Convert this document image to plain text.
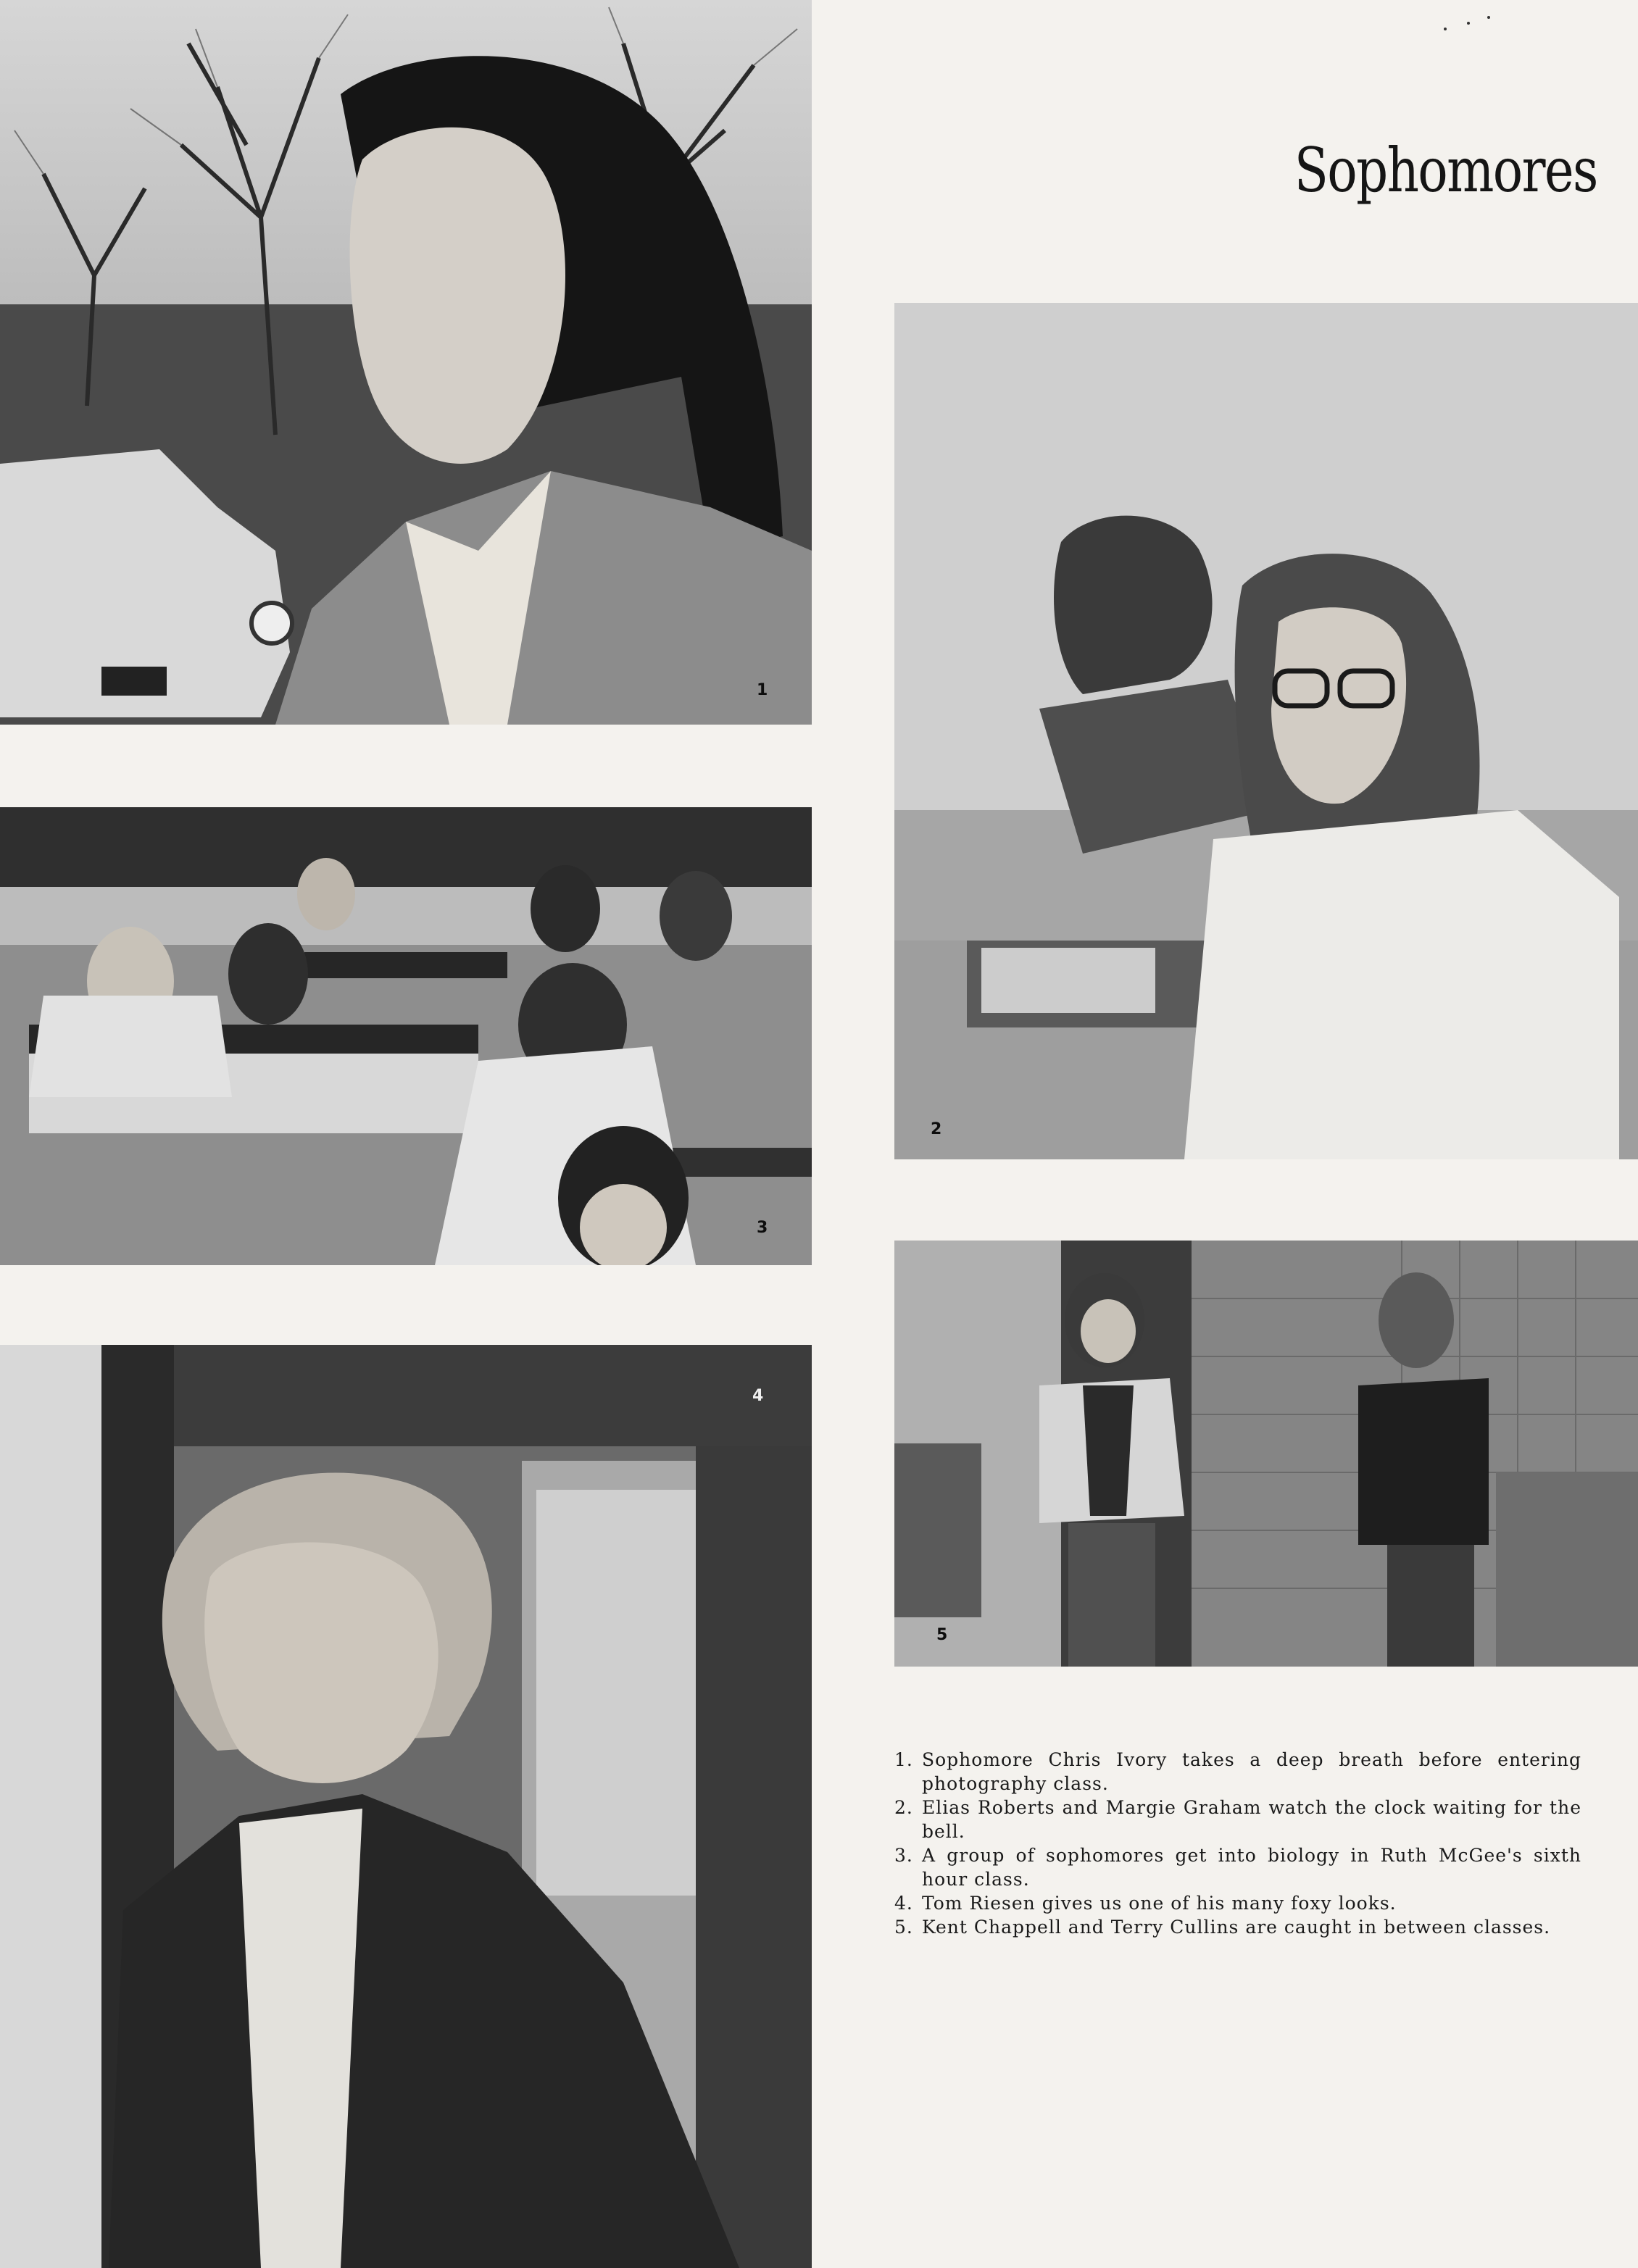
Sophomores
1
2
3
4
5
1. Sophomore Chris Ivory takes a deep breath before entering photography class.
2. Elias Roberts and Margie Graham watch the clock waiting for the bell.
3. A group of sophomores get into biology in Ruth McGee's sixth hour class.
4. Tom Riesen gives us one of his many foxy looks.
5. Kent Chappell and Terry Cullins are caught in between classes.
